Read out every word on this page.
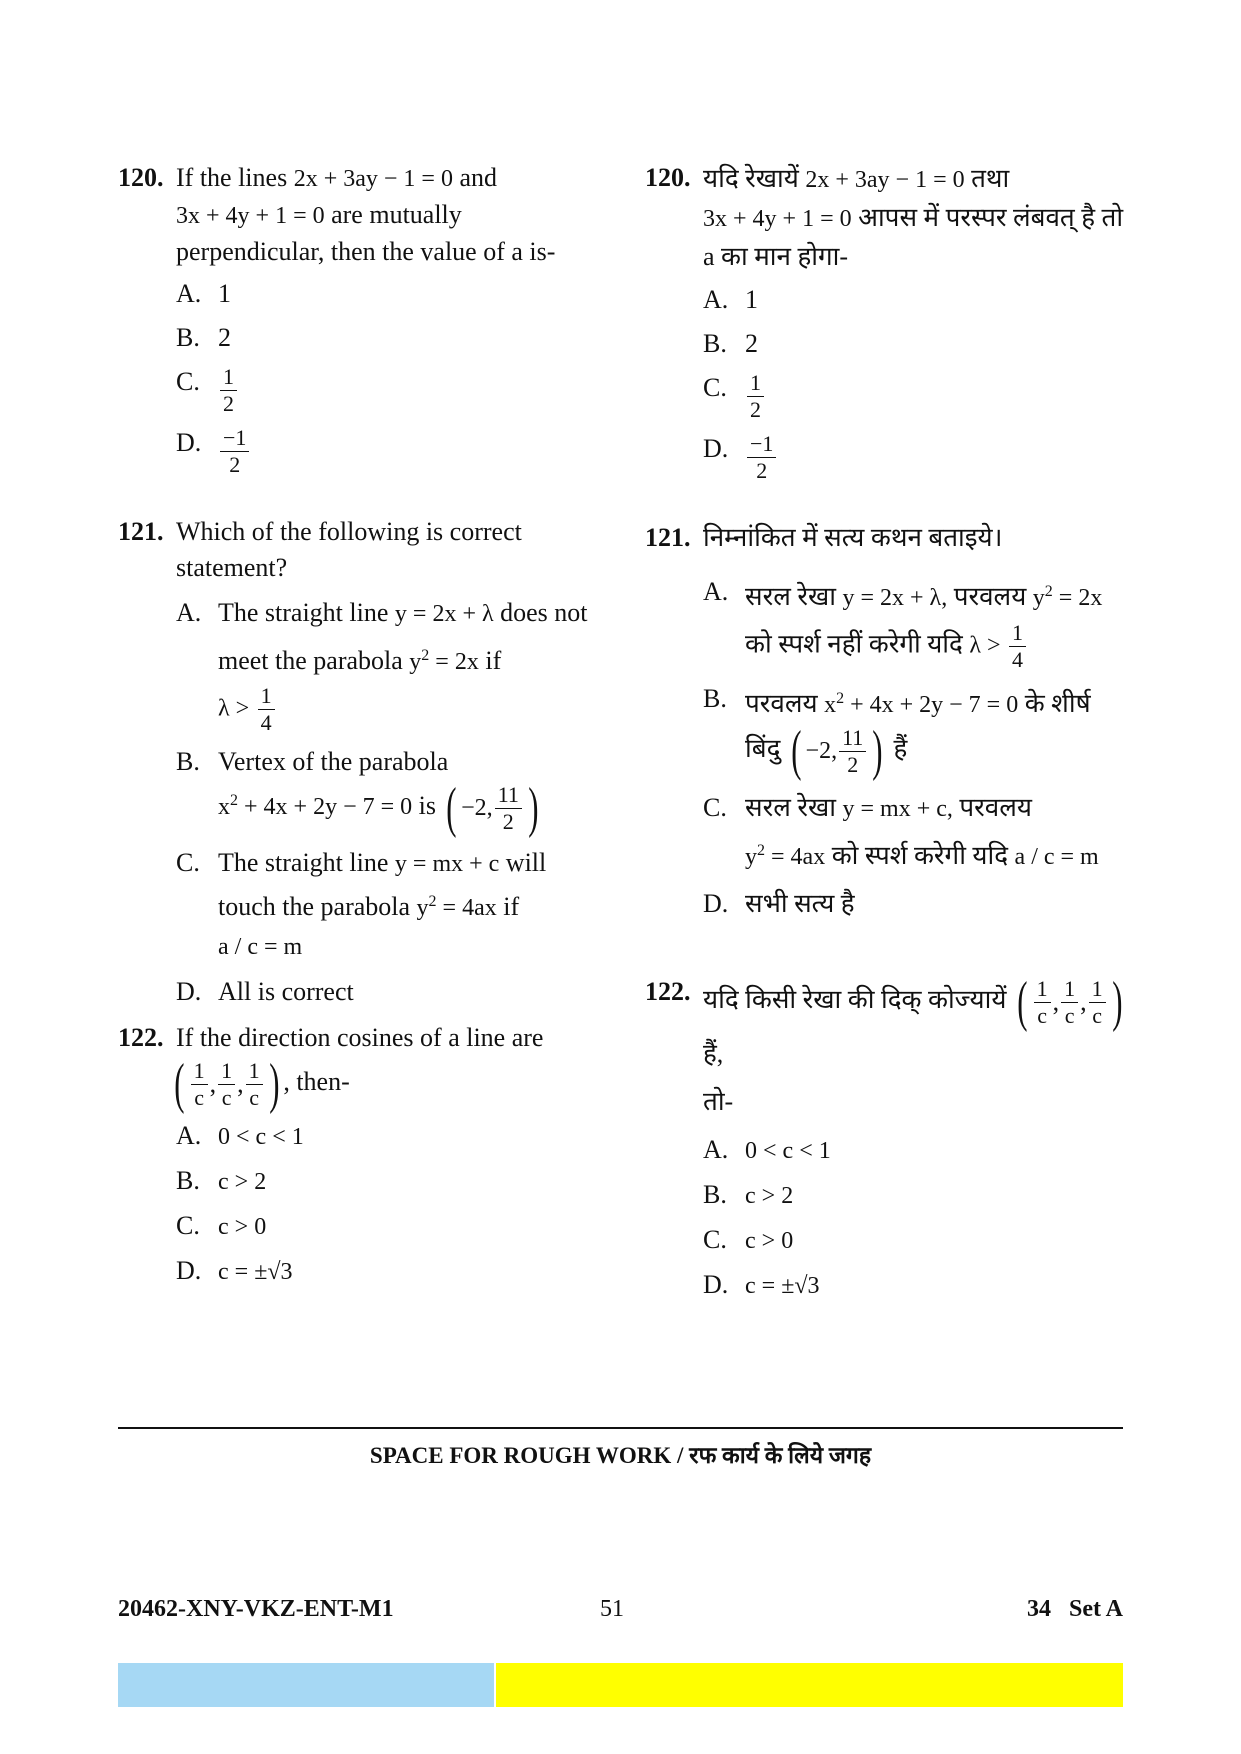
120. If the lines 2x + 3ay − 1 = 0 and
3x + 4y + 1 = 0 are mutually
perpendicular, then the value of a is-
A. 1
B. 2
C. $\frac{1}{2}$
D. $\frac{-1}{2}$
121. Which of the following is correct statement?
A. The straight line y = 2x + λ does not meet the parabola $y^2 = 2x$ if
$\lambda > \frac{1}{4}$
B. Vertex of the parabola
$x^2 + 4x + 2y - 7 = 0$ is ( −2, $\frac{11}{2}$ )
C. The straight line y = mx + c will touch the parabola $y^2 = 4ax$ if
a / c = m
D. All is correct
122. If the direction cosines of a line are

( $\frac{1}{c}$ , $\frac{1}{c}$ , $\frac{1}{c}$ ) , then-
A. 0 < c < 1
B. c > 2
C. c > 0
D. c = ±√3
120. यदि रेखायें 2x + 3ay − 1 = 0 तथा
3x + 4y + 1 = 0 आपस में परस्पर लंबवत् है तो
a का मान होगा-
A. 1
B. 2
C. $\frac{1}{2}$
D. $\frac{-1}{2}$
121. निम्नांकित में सत्य कथन बताइये।
A. सरल रेखा y = 2x + λ, परवलय $y^2 = 2x$
को स्पर्श नहीं करेगी यदि $\lambda > \frac{1}{4}$
B. परवलय $x^2 + 4x + 2y - 7 = 0$ के शीर्ष
बिंदु ( −2, $\frac{11}{2}$ ) हैं
C. सरल रेखा y = mx + c, परवलय
$y^2 = 4ax$ को स्पर्श करेगी यदि a / c = m
D. सभी सत्य है
122. यदि किसी रेखा की दिक् कोज्यायें ( $\frac{1}{c}$ , $\frac{1}{c}$ , $\frac{1}{c}$ )
हैं,
तो-
A. 0 < c < 1
B. c > 2
C. c > 0
D. c = ±√3
SPACE FOR ROUGH WORK / रफ कार्य के लिये जगह
20462-XNY-VKZ-ENT-M1	51	34   Set A
